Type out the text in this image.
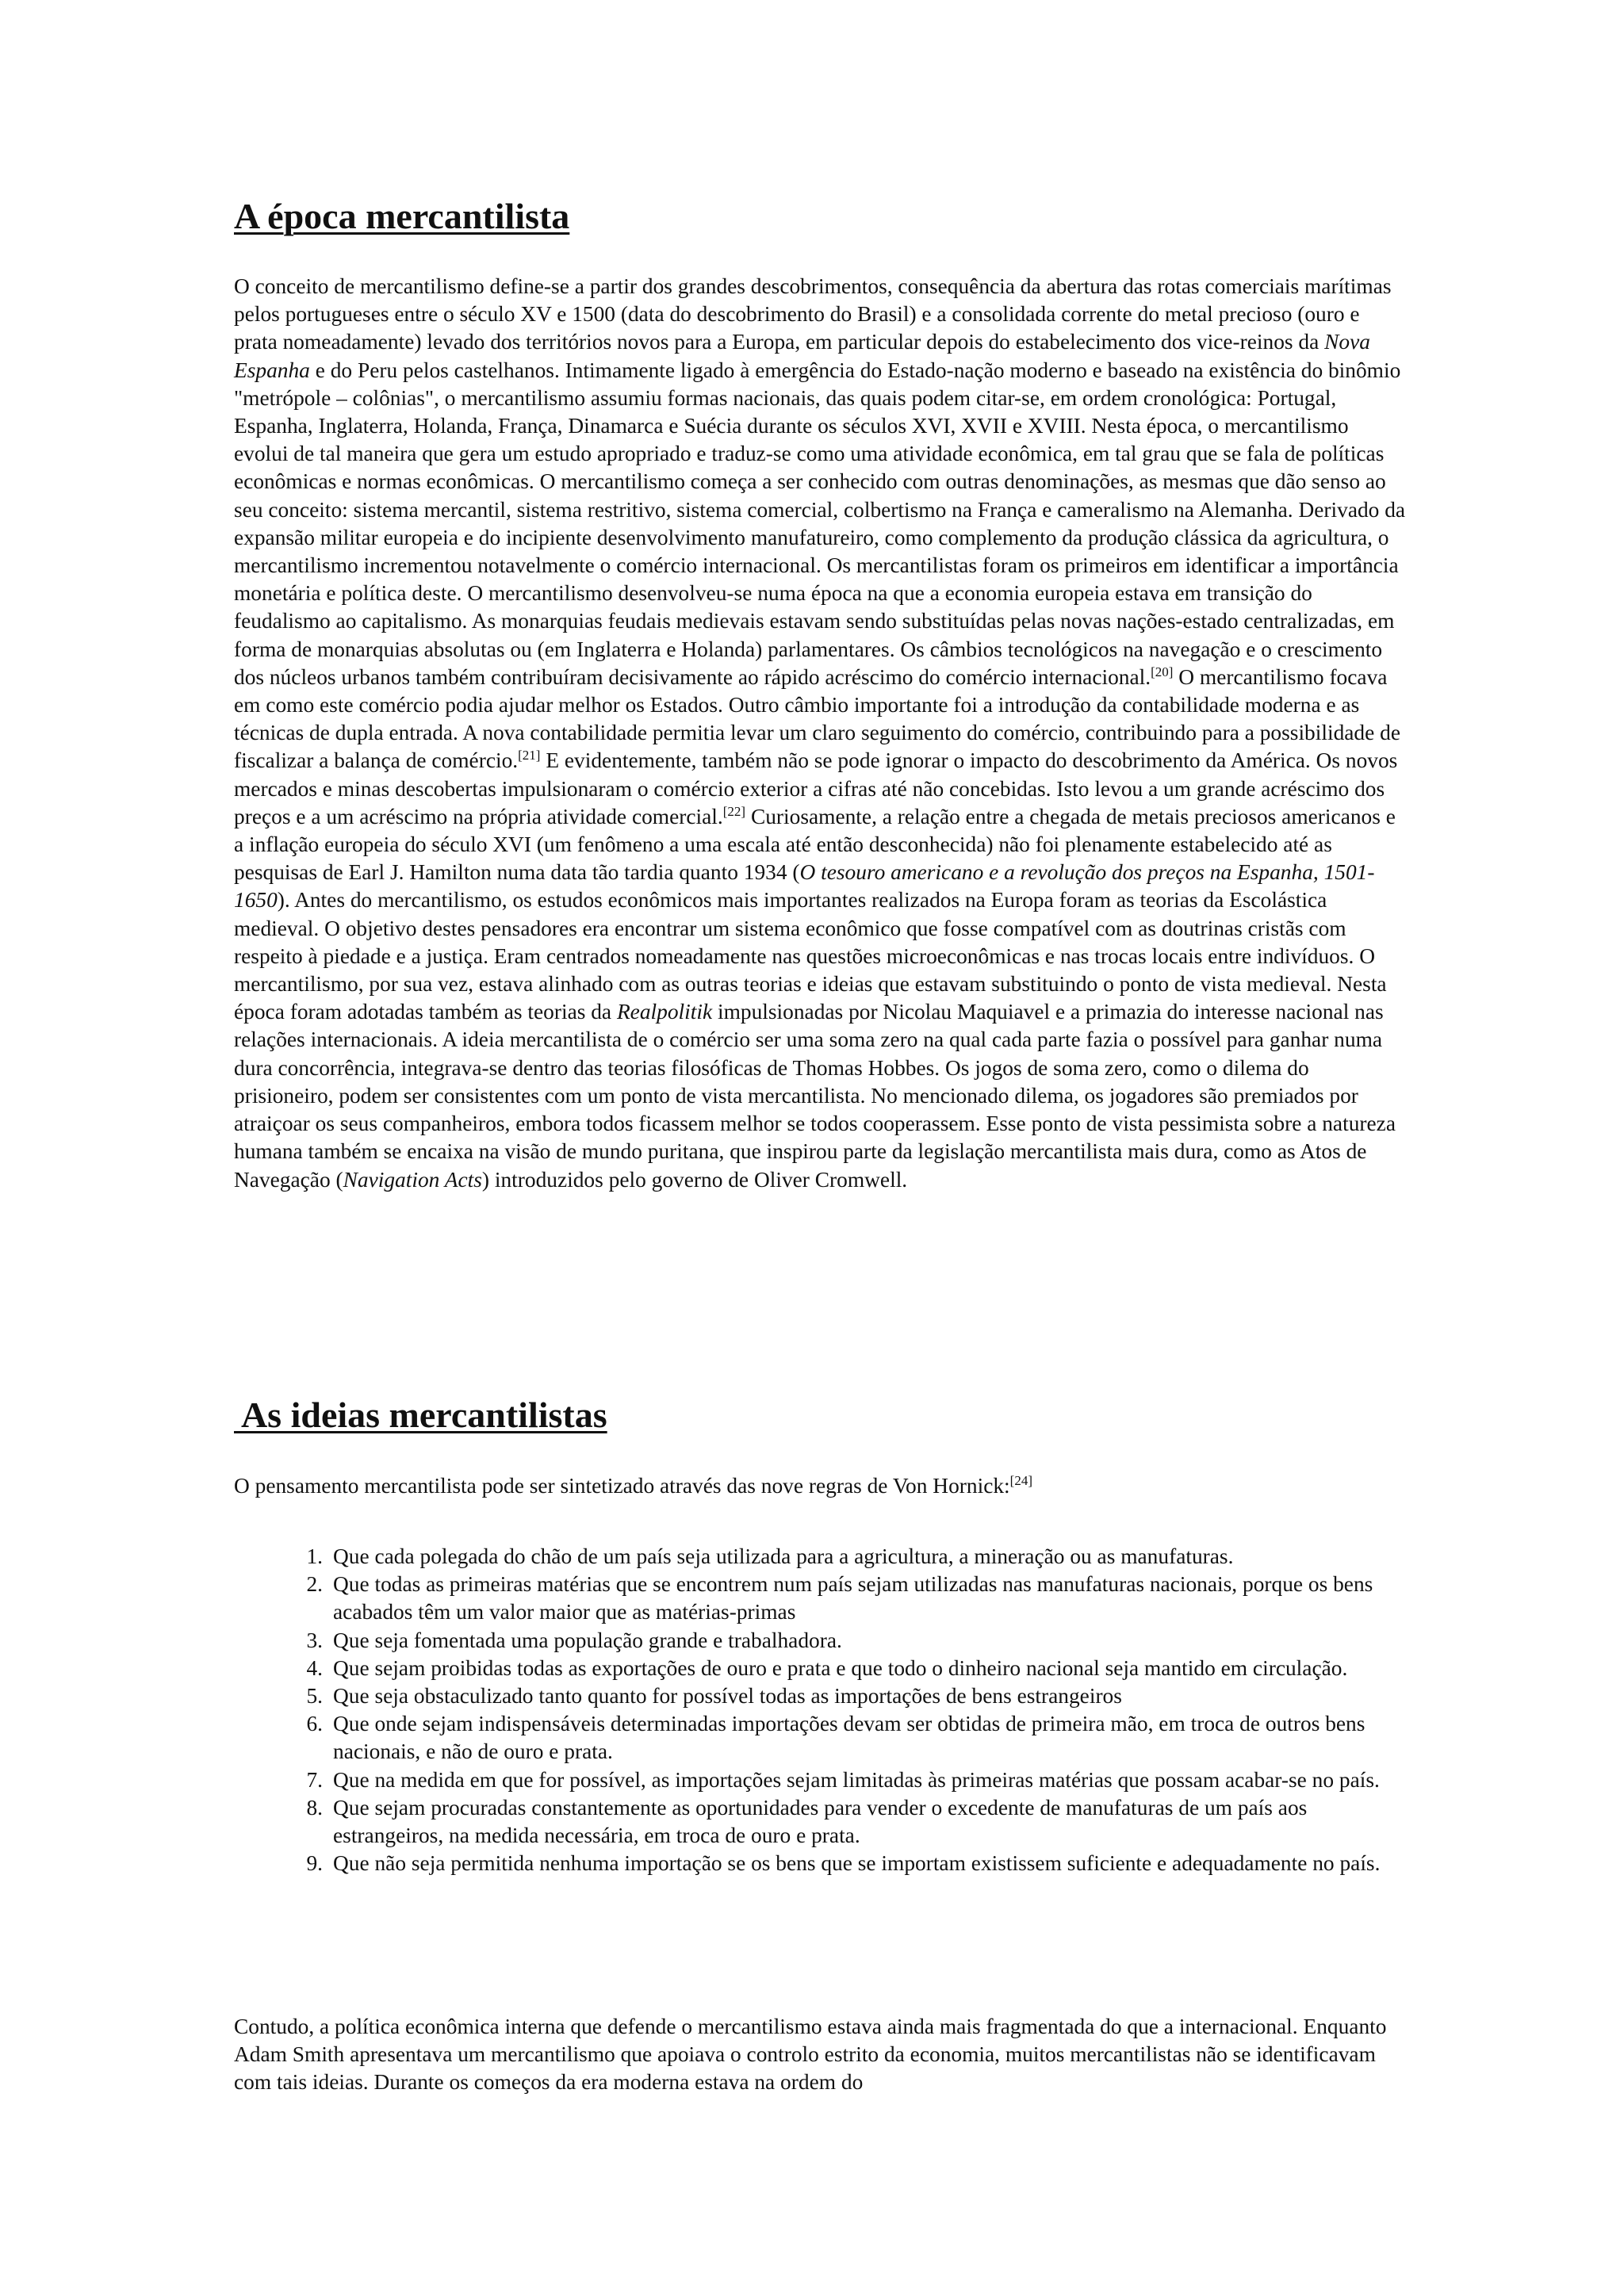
A época mercantilista

O conceito de mercantilismo define-se a partir dos grandes descobrimentos, consequência da abertura das rotas comerciais marítimas pelos portugueses entre o século XV e 1500 (data do descobrimento do Brasil) e a consolidada corrente do metal precioso (ouro e prata nomeadamente) levado dos territórios novos para a Europa, em particular depois do estabelecimento dos vice-reinos da Nova Espanha e do Peru pelos castelhanos. Intimamente ligado à emergência do Estado-nação moderno e baseado na existência do binômio "metrópole – colônias", o mercantilismo assumiu formas nacionais, das quais podem citar-se, em ordem cronológica: Portugal, Espanha, Inglaterra, Holanda, França, Dinamarca e Suécia durante os séculos XVI, XVII e XVIII. Nesta época, o mercantilismo evolui de tal maneira que gera um estudo apropriado e traduz-se como uma atividade econômica, em tal grau que se fala de políticas econômicas e normas econômicas. O mercantilismo começa a ser conhecido com outras denominações, as mesmas que dão senso ao seu conceito: sistema mercantil, sistema restritivo, sistema comercial, colbertismo na França e cameralismo na Alemanha. Derivado da expansão militar europeia e do incipiente desenvolvimento manufatureiro, como complemento da produção clássica da agricultura, o mercantilismo incrementou notavelmente o comércio internacional. Os mercantilistas foram os primeiros em identificar a importância monetária e política deste. O mercantilismo desenvolveu-se numa época na que a economia europeia estava em transição do feudalismo ao capitalismo. As monarquias feudais medievais estavam sendo substituídas pelas novas nações-estado centralizadas, em forma de monarquias absolutas ou (em Inglaterra e Holanda) parlamentares. Os câmbios tecnológicos na navegação e o crescimento dos núcleos urbanos também contribuíram decisivamente ao rápido acréscimo do comércio internacional.[20] O mercantilismo focava em como este comércio podia ajudar melhor os Estados. Outro câmbio importante foi a introdução da contabilidade moderna e as técnicas de dupla entrada. A nova contabilidade permitia levar um claro seguimento do comércio, contribuindo para a possibilidade de fiscalizar a balança de comércio.[21] E evidentemente, também não se pode ignorar o impacto do descobrimento da América. Os novos mercados e minas descobertas impulsionaram o comércio exterior a cifras até não concebidas. Isto levou a um grande acréscimo dos preços e a um acréscimo na própria atividade comercial.[22] Curiosamente, a relação entre a chegada de metais preciosos americanos e a inflação europeia do século XVI (um fenômeno a uma escala até então desconhecida) não foi plenamente estabelecido até as pesquisas de Earl J. Hamilton numa data tão tardia quanto 1934 (O tesouro americano e a revolução dos preços na Espanha, 1501-1650). Antes do mercantilismo, os estudos econômicos mais importantes realizados na Europa foram as teorias da Escolástica medieval. O objetivo destes pensadores era encontrar um sistema econômico que fosse compatível com as doutrinas cristãs com respeito à piedade e a justiça. Eram centrados nomeadamente nas questões microeconômicas e nas trocas locais entre indivíduos. O mercantilismo, por sua vez, estava alinhado com as outras teorias e ideias que estavam substituindo o ponto de vista medieval. Nesta época foram adotadas também as teorias da Realpolitik impulsionadas por Nicolau Maquiavel e a primazia do interesse nacional nas relações internacionais. A ideia mercantilista de o comércio ser uma soma zero na qual cada parte fazia o possível para ganhar numa dura concorrência, integrava-se dentro das teorias filosóficas de Thomas Hobbes. Os jogos de soma zero, como o dilema do prisioneiro, podem ser consistentes com um ponto de vista mercantilista. No mencionado dilema, os jogadores são premiados por atraiçoar os seus companheiros, embora todos ficassem melhor se todos cooperassem. Esse ponto de vista pessimista sobre a natureza humana também se encaixa na visão de mundo puritana, que inspirou parte da legislação mercantilista mais dura, como as Atos de Navegação (Navigation Acts) introduzidos pelo governo de Oliver Cromwell.

As ideias mercantilistas

O pensamento mercantilista pode ser sintetizado através das nove regras de Von Hornick:[24]

1. Que cada polegada do chão de um país seja utilizada para a agricultura, a mineração ou as manufaturas.
2. Que todas as primeiras matérias que se encontrem num país sejam utilizadas nas manufaturas nacionais, porque os bens acabados têm um valor maior que as matérias-primas
3. Que seja fomentada uma população grande e trabalhadora.
4. Que sejam proibidas todas as exportações de ouro e prata e que todo o dinheiro nacional seja mantido em circulação.
5. Que seja obstaculizado tanto quanto for possível todas as importações de bens estrangeiros
6. Que onde sejam indispensáveis determinadas importações devam ser obtidas de primeira mão, em troca de outros bens nacionais, e não de ouro e prata.
7. Que na medida em que for possível, as importações sejam limitadas às primeiras matérias que possam acabar-se no país.
8. Que sejam procuradas constantemente as oportunidades para vender o excedente de manufaturas de um país aos estrangeiros, na medida necessária, em troca de ouro e prata.
9. Que não seja permitida nenhuma importação se os bens que se importam existissem suficiente e adequadamente no país.

Contudo, a política econômica interna que defende o mercantilismo estava ainda mais fragmentada do que a internacional. Enquanto Adam Smith apresentava um mercantilismo que apoiava o controlo estrito da economia, muitos mercantilistas não se identificavam com tais ideias. Durante os começos da era moderna estava na ordem do
